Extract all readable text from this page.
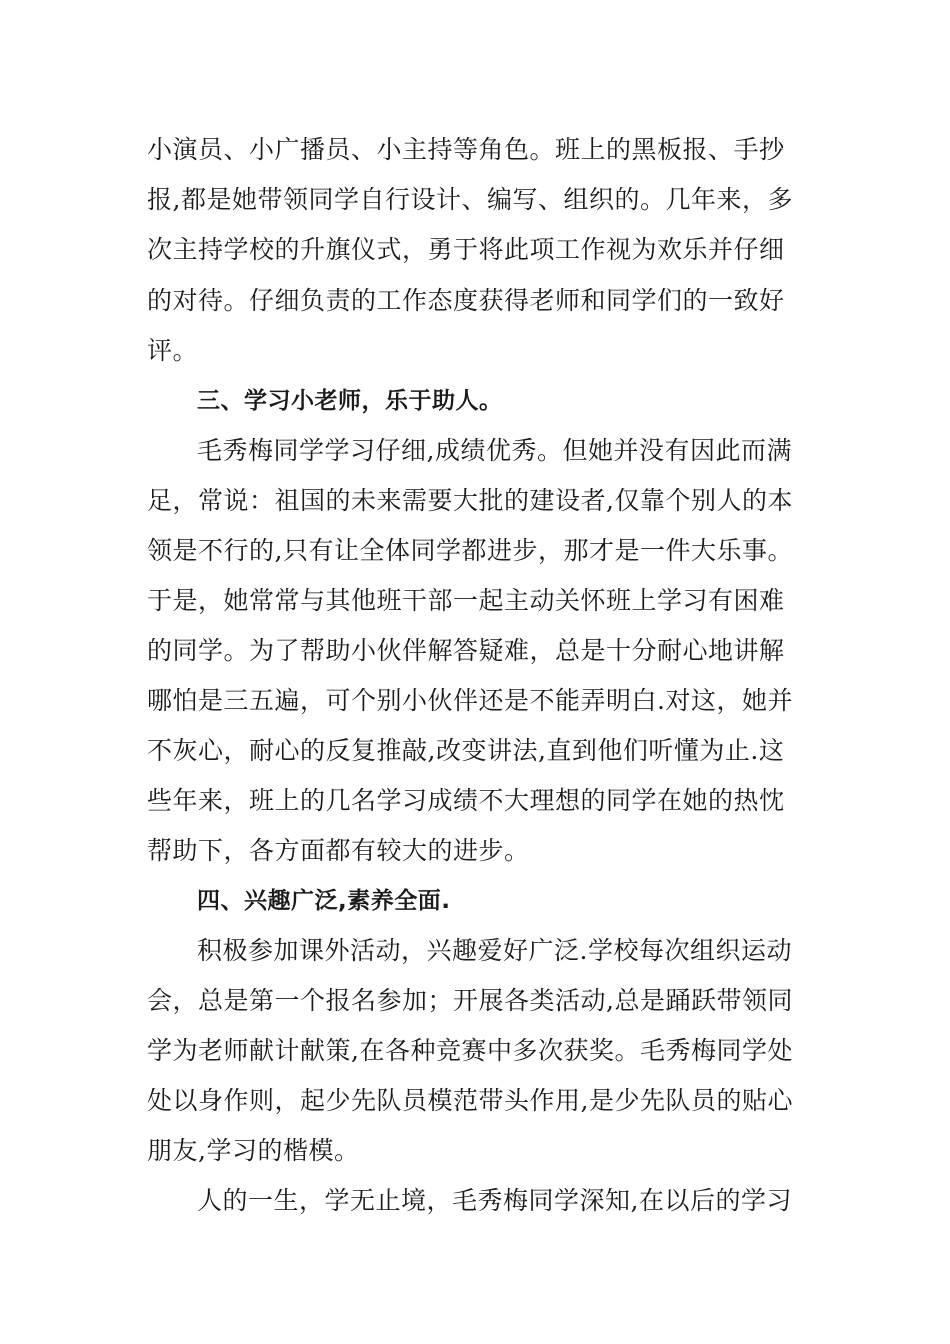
小演员、小广播员、小主持等角色。班上的黑板报、手抄
报,都是她带领同学自行设计、编写、组织的。几年来，多
次主持学校的升旗仪式，勇于将此项工作视为欢乐并仔细
的对待。仔细负责的工作态度获得老师和同学们的一致好
评。
三、学习小老师，乐于助人。
毛秀梅同学学习仔细,成绩优秀。但她并没有因此而满
足，常说：祖国的未来需要大批的建设者,仅靠个别人的本
领是不行的,只有让全体同学都进步，那才是一件大乐事。
于是，她常常与其他班干部一起主动关怀班上学习有困难
的同学。为了帮助小伙伴解答疑难，总是十分耐心地讲解
哪怕是三五遍，可个别小伙伴还是不能弄明白.对这，她并
不灰心，耐心的反复推敲,改变讲法,直到他们听懂为止.这
些年来，班上的几名学习成绩不大理想的同学在她的热忱
帮助下，各方面都有较大的进步。
四、兴趣广泛,素养全面.
积极参加课外活动，兴趣爱好广泛.学校每次组织运动
会，总是第一个报名参加；开展各类活动,总是踊跃带领同
学为老师献计献策,在各种竞赛中多次获奖。毛秀梅同学处
处以身作则，起少先队员模范带头作用,是少先队员的贴心
朋友,学习的楷模。
人的一生，学无止境，毛秀梅同学深知,在以后的学习
